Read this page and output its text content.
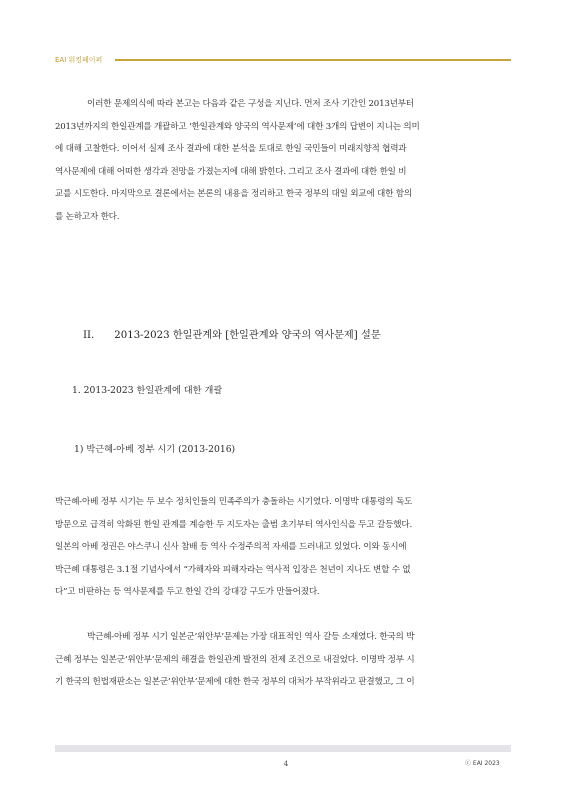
EAI 워킹페이퍼
이러한 문제의식에 따라 본고는 다음과 같은 구성을 지닌다. 먼저 조사 기간인 2013년부터
2013년까지의 한일관계를 개괄하고 ‘한일관계와 양국의 역사문제’에 대한 3개의 답변이 지니는 의미
에 대해 고찰한다. 이어서 실제 조사 결과에 대한 분석을 토대로 한일 국민들이 미래지향적 협력과
역사문제에 대해 어떠한 생각과 전망을 가졌는지에 대해 밝힌다. 그리고 조사 결과에 대한 한일 비
교를 시도한다. 마지막으로 결론에서는 본론의 내용을 정리하고 한국 정부의 대일 외교에 대한 함의
를 논하고자 한다.
II. 2013-2023 한일관계와 [한일관계와 양국의 역사문제] 설문
1. 2013-2023 한일관계에 대한 개괄
1) 박근혜-아베 정부 시기 (2013-2016)
박근혜-아베 정부 시기는 두 보수 정치인들의 민족주의가 충돌하는 시기였다. 이명박 대통령의 독도
방문으로 급격히 악화된 한일 관계를 계승한 두 지도자는 출범 초기부터 역사인식을 두고 갈등했다.
일본의 아베 정권은 야스쿠니 신사 참배 등 역사 수정주의적 자세를 드러내고 있었다. 이와 동시에
박근혜 대통령은 3.1절 기념사에서 “가해자와 피해자라는 역사적 입장은 천년이 지나도 변할 수 없
다”고 비판하는 등 역사문제를 두고 한일 간의 강대강 구도가 만들어졌다.
박근혜-아베 정부 시기 일본군‘위안부’문제는 가장 대표적인 역사 갈등 소재였다. 한국의 박
근혜 정부는 일본군‘위안부’문제의 해결을 한일관계 발전의 전제 조건으로 내걸었다. 이명박 정부 시
기 한국의 헌법재판소는 일본군‘위안부’문제에 대한 한국 정부의 대처가 부작위라고 판결했고, 그 이
4	ⓒ EAI 2023
